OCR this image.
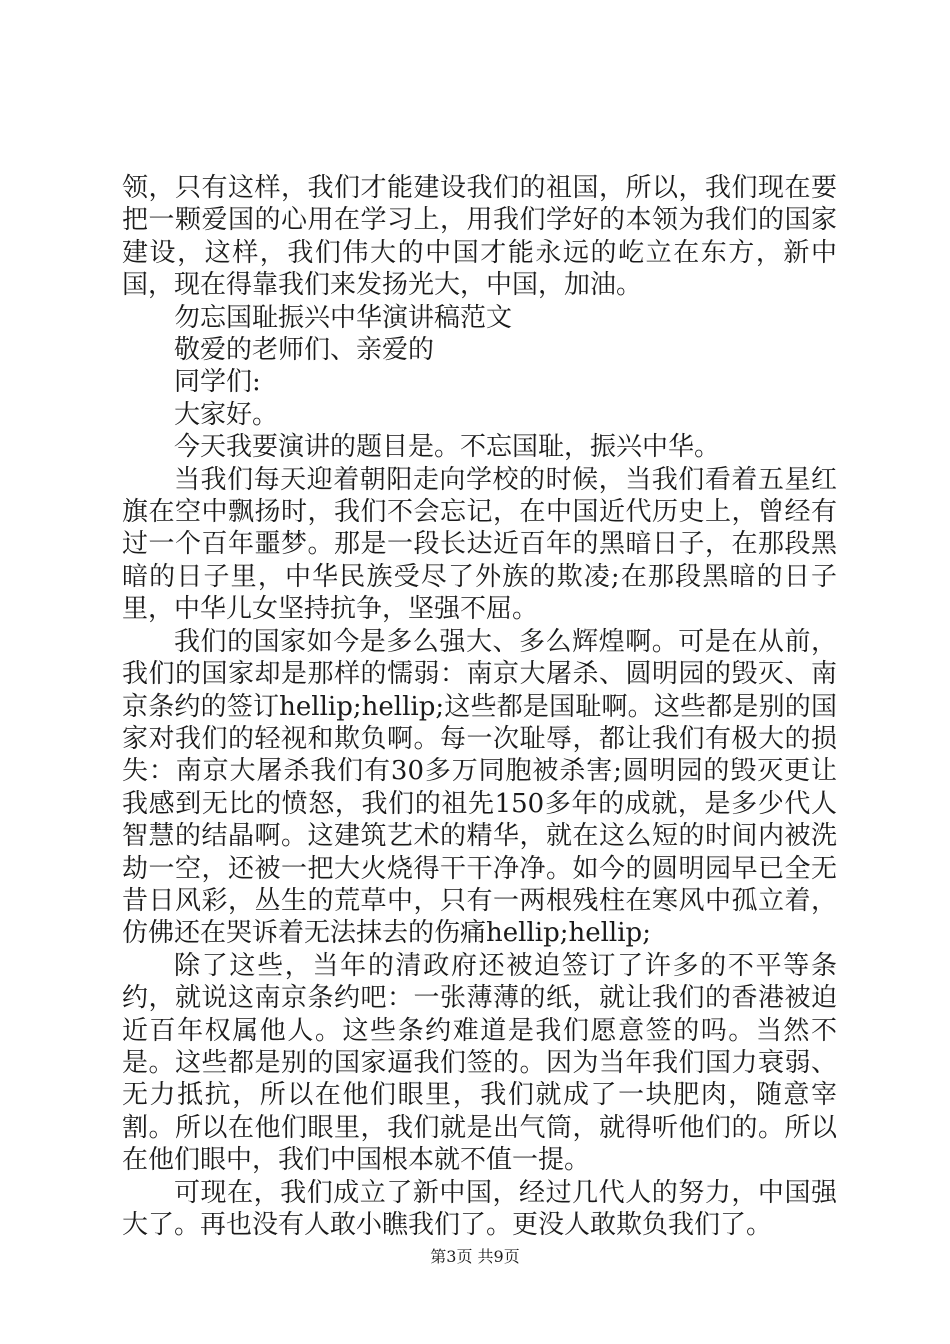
领，只有这样，我们才能建设我们的祖国，所以，我们现在要把一颗爱国的心用在学习上，用我们学好的本领为我们的国家建设，这样，我们伟大的中国才能永远的屹立在东方，新中国，现在得靠我们来发扬光大，中国，加油。

勿忘国耻振兴中华演讲稿范文

敬爱的老师们、亲爱的

同学们:

大家好。

今天我要演讲的题目是。不忘国耻，振兴中华。

当我们每天迎着朝阳走向学校的时候，当我们看着五星红旗在空中飘扬时，我们不会忘记，在中国近代历史上，曾经有过一个百年噩梦。那是一段长达近百年的黑暗日子，在那段黑暗的日子里，中华民族受尽了外族的欺凌;在那段黑暗的日子里，中华儿女坚持抗争，坚强不屈。

我们的国家如今是多么强大、多么辉煌啊。可是在从前，我们的国家却是那样的懦弱：南京大屠杀、圆明园的毁灭、南京条约的签订hellip;hellip;这些都是国耻啊。这些都是别的国家对我们的轻视和欺负啊。每一次耻辱，都让我们有极大的损失：南京大屠杀我们有30多万同胞被杀害;圆明园的毁灭更让我感到无比的愤怒，我们的祖先150多年的成就，是多少代人智慧的结晶啊。这建筑艺术的精华，就在这么短的时间内被洗劫一空，还被一把大火烧得干干净净。如今的圆明园早已全无昔日风彩，丛生的荒草中，只有一两根残柱在寒风中孤立着，仿佛还在哭诉着无法抹去的伤痛hellip;hellip;

除了这些，当年的清政府还被迫签订了许多的不平等条约，就说这南京条约吧：一张薄薄的纸，就让我们的香港被迫近百年权属他人。这些条约难道是我们愿意签的吗。当然不是。这些都是别的国家逼我们签的。因为当年我们国力衰弱、无力抵抗，所以在他们眼里，我们就成了一块肥肉，随意宰割。所以在他们眼里，我们就是出气筒，就得听他们的。所以在他们眼中，我们中国根本就不值一提。

可现在，我们成立了新中国，经过几代人的努力，中国强大了。再也没有人敢小瞧我们了。更没人敢欺负我们了。

第3页 共9页
